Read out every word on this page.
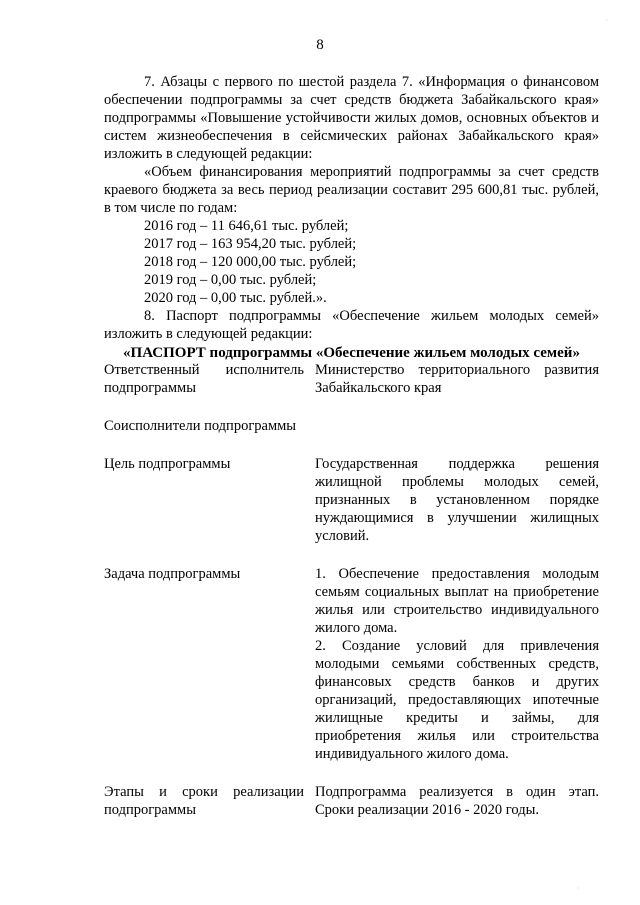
8

7. Абзацы с первого по шестой раздела 7. «Информация о финансовом обеспечении подпрограммы за счет средств бюджета Забайкальского края» подпрограммы «Повышение устойчивости жилых домов, основных объектов и систем жизнеобеспечения в сейсмических районах Забайкальского края» изложить в следующей редакции:

«Объем финансирования мероприятий подпрограммы за счет средств краевого бюджета за весь период реализации составит 295 600,81 тыс. рублей, в том числе по годам:

2016 год – 11 646,61 тыс. рублей;

2017 год – 163 954,20 тыс. рублей;

2018 год – 120 000,00 тыс. рублей;

2019 год – 0,00 тыс. рублей;

2020 год – 0,00 тыс. рублей.».

8. Паспорт подпрограммы «Обеспечение жильем молодых семей» изложить в следующей редакции:

«ПАСПОРТ подпрограммы «Обеспечение жильем молодых семей»

Ответственный исполнитель подпрограммы

Министерство территориального развития Забайкальского края

Соисполнители подпрограммы

Цель подпрограммы	Государственная поддержка решения жилищной проблемы молодых семей, признанных в установленном порядке нуждающимися в улучшении жилищных условий.

Задача подпрограммы	1. Обеспечение предоставления молодым семьям социальных выплат на приобретение жилья или строительство индивидуального жилого дома.

2. Создание условий для привлечения молодыми семьями собственных средств, финансовых средств банков и других организаций, предоставляющих ипотечные жилищные кредиты и займы, для приобретения жилья или строительства индивидуального жилого дома.

Этапы и сроки реализации подпрограммы

Подпрограмма реализуется в один этап. Сроки реализации 2016 - 2020 годы.

·
·
